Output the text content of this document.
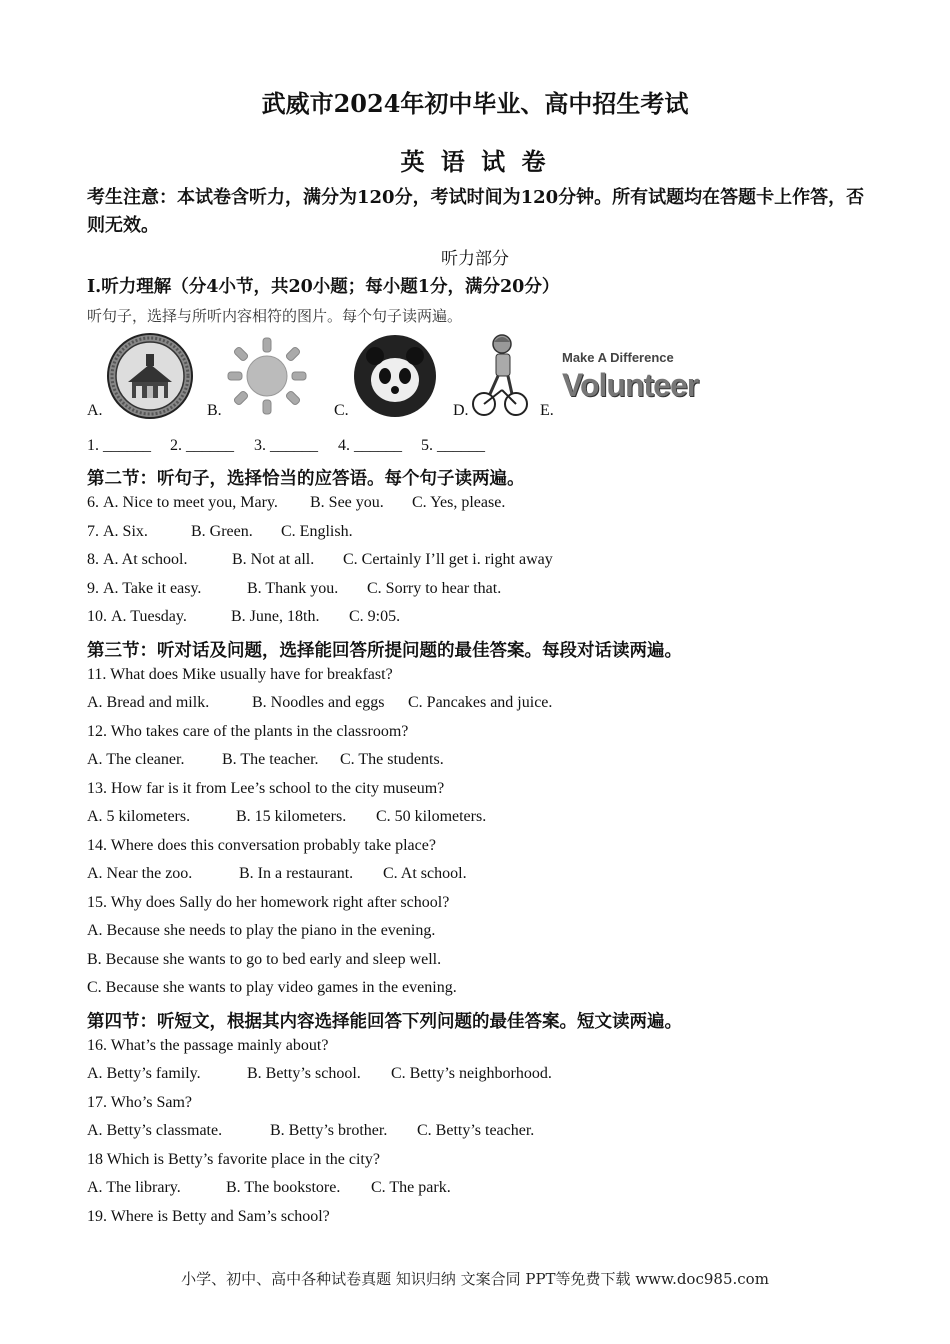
武威市2024年初中毕业、高中招生考试
英 语 试 卷
考生注意：本试卷含听力，满分为120分，考试时间为120分钟。所有试题均在答题卡上作答，否则无效。
听力部分
I.听力理解（分4小节，共20小题；每小题1分，满分20分）
听句子，选择与所听内容相符的图片。每个句子读两遍。
A.	B.	C.	D.
Make A Difference
Volunteer
E.
1. ______ 2. ______ 3. ______ 4. ______ 5. ______
第二节：听句子，选择恰当的应答语。每个句子读两遍。
6. A. Nice to meet you, Mary. B. See you. C. Yes, please.
7. A. Six.	B. Green. C. English.
8. A. At school.	B. Not at all. C. Certainly I’ll get i. right away
9. A. Take it easy.	B. Thank you. C. Sorry to hear that.
10. A. Tuesday.	B. June, 18th. C. 9:05.
第三节：听对话及问题，选择能回答所提问题的最佳答案。每段对话读两遍。
11. What does Mike usually have for breakfast?
A. Bread and milk.	B. Noodles and eggs C. Pancakes and juice.
12. Who takes care of the plants in the classroom?
A. The cleaner. B. The teacher. C. The students.
13. How far is it from Lee’s school to the city museum?
A. 5 kilometers.	B. 15 kilometers. C. 50 kilometers.
14. Where does this conversation probably take place?
A. Near the zoo.	B. In a restaurant. C. At school.
15. Why does Sally do her homework right after school?
A. Because she needs to play the piano in the evening.
B. Because she wants to go to bed early and sleep well.
C. Because she wants to play video games in the evening.
第四节：听短文，根据其内容选择能回答下列问题的最佳答案。短文读两遍。
16. What’s the passage mainly about?
A. Betty’s family.	B. Betty’s school. C. Betty’s neighborhood.
17. Who’s Sam?
A. Betty’s classmate.	B. Betty’s brother. C. Betty’s teacher.
18 Which is Betty’s favorite place in the city?
A. The library.	B. The bookstore. C. The park.
19. Where is Betty and Sam’s school?
小学、初中、高中各种试卷真题 知识归纳 文案合同 PPT等免费下载 www.doc985.com
